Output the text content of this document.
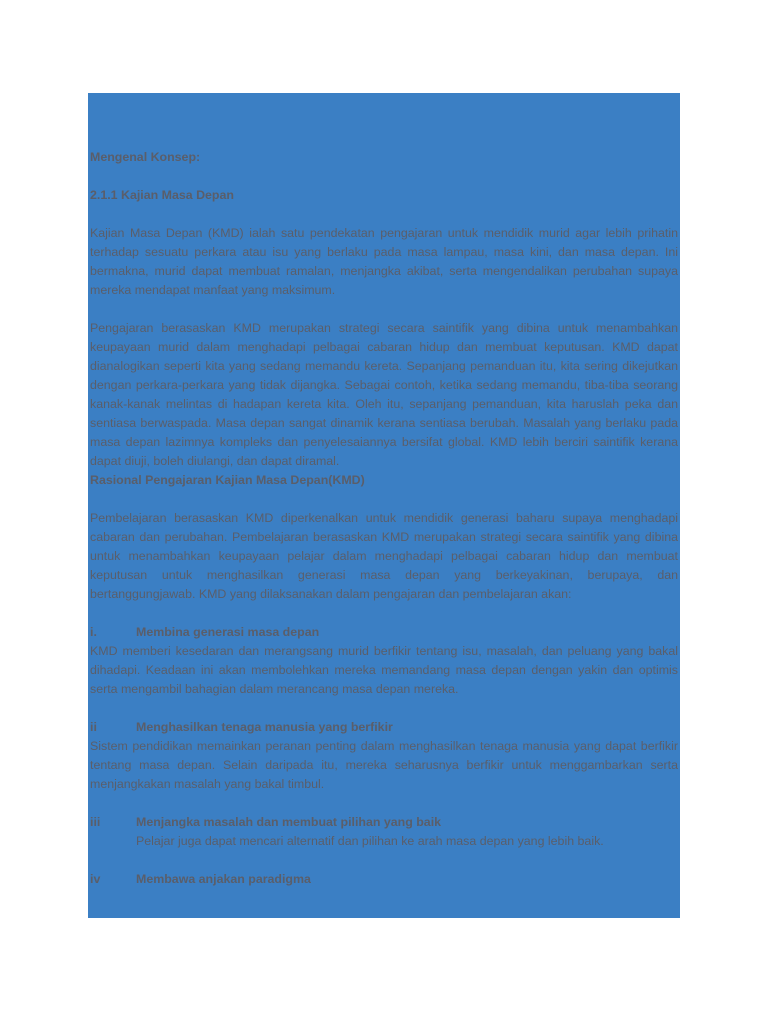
Mengenal Konsep:

2.1.1 Kajian Masa Depan

Kajian Masa Depan (KMD) ialah satu pendekatan pengajaran untuk mendidik murid agar lebih prihatin terhadap sesuatu perkara atau isu yang berlaku pada masa lampau, masa kini, dan masa depan. Ini bermakna, murid dapat membuat ramalan, menjangka akibat, serta mengendalikan perubahan supaya mereka mendapat manfaat yang maksimum.

Pengajaran berasaskan KMD merupakan strategi secara saintifik yang dibina untuk menambahkan keupayaan murid dalam menghadapi pelbagai cabaran hidup dan membuat keputusan. KMD dapat dianalogikan seperti kita yang sedang memandu kereta. Sepanjang pemanduan itu, kita sering dikejutkan dengan perkara-perkara yang tidak dijangka. Sebagai contoh, ketika sedang memandu, tiba-tiba seorang kanak-kanak melintas di hadapan kereta kita. Oleh itu, sepanjang pemanduan, kita haruslah peka dan sentiasa berwaspada. Masa depan sangat dinamik kerana sentiasa berubah. Masalah yang berlaku pada masa depan lazimnya kompleks dan penyelesaiannya bersifat global. KMD lebih berciri saintifik kerana dapat diuji, boleh diulangi, dan dapat diramal.

Rasional Pengajaran Kajian Masa Depan(KMD)

Pembelajaran berasaskan KMD diperkenalkan untuk mendidik generasi baharu supaya menghadapi cabaran dan perubahan. Pembelajaran berasaskan KMD merupakan strategi secara saintifik yang dibina untuk menambahkan keupayaan pelajar dalam menghadapi pelbagai cabaran hidup dan membuat keputusan untuk menghasilkan generasi masa depan yang berkeyakinan, berupaya, dan bertanggungjawab. KMD yang dilaksanakan dalam pengajaran dan pembelajaran akan:

i.	Membina generasi masa depan

KMD memberi kesedaran dan merangsang murid berfikir tentang isu, masalah, dan peluang yang bakal dihadapi. Keadaan ini akan membolehkan mereka memandang masa depan dengan yakin dan optimis serta mengambil bahagian dalam merancang masa depan mereka.

ii	Menghasilkan tenaga manusia yang berfikir

Sistem pendidikan memainkan peranan penting dalam menghasilkan tenaga manusia yang dapat berfikir tentang masa depan. Selain daripada itu, mereka seharusnya berfikir untuk menggambarkan serta menjangkakan masalah yang bakal timbul.

iii	Menjangka masalah dan membuat pilihan yang baik

Pelajar juga dapat mencari alternatif dan pilihan ke arah masa depan yang lebih baik.

iv	Membawa anjakan paradigma
